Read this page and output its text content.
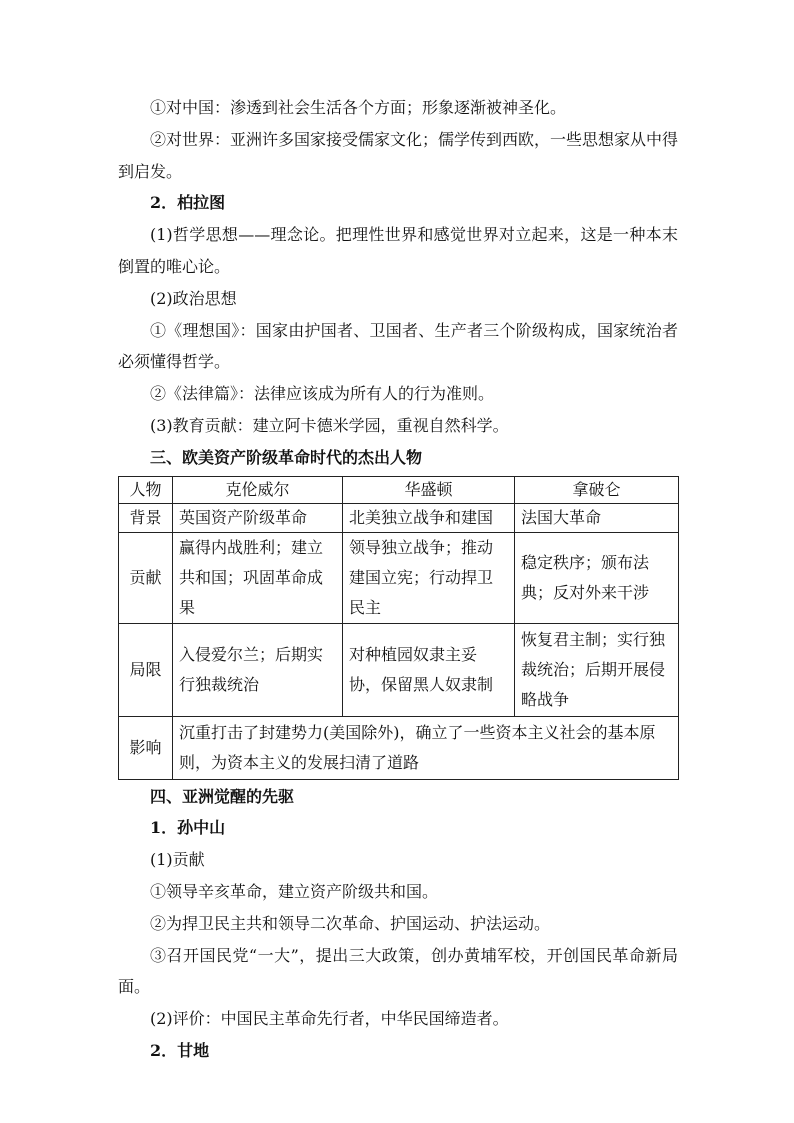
①对中国：渗透到社会生活各个方面；形象逐渐被神圣化。
②对世界：亚洲许多国家接受儒家文化；儒学传到西欧，一些思想家从中得到启发。
2．柏拉图
(1)哲学思想——理念论。把理性世界和感觉世界对立起来，这是一种本末倒置的唯心论。
(2)政治思想
①《理想国》：国家由护国者、卫国者、生产者三个阶级构成，国家统治者必须懂得哲学。
②《法律篇》：法律应该成为所有人的行为准则。
(3)教育贡献：建立阿卡德米学园，重视自然科学。
三、欧美资产阶级革命时代的杰出人物
人物	克伦威尔	华盛顿	拿破仑
背景	英国资产阶级革命	北美独立战争和建国	法国大革命
贡献	赢得内战胜利；建立共和国；巩固革命成果	领导独立战争；推动建国立宪；行动捍卫民主	稳定秩序；颁布法典；反对外来干涉
局限	入侵爱尔兰；后期实行独裁统治	对种植园奴隶主妥协，保留黑人奴隶制	恢复君主制；实行独裁统治；后期开展侵略战争
影响	沉重打击了封建势力(美国除外)，确立了一些资本主义社会的基本原则，为资本主义的发展扫清了道路		
四、亚洲觉醒的先驱
1．孙中山
(1)贡献
①领导辛亥革命，建立资产阶级共和国。
②为捍卫民主共和领导二次革命、护国运动、护法运动。
③召开国民党“一大”，提出三大政策，创办黄埔军校，开创国民革命新局面。
(2)评价：中国民主革命先行者，中华民国缔造者。
2．甘地
